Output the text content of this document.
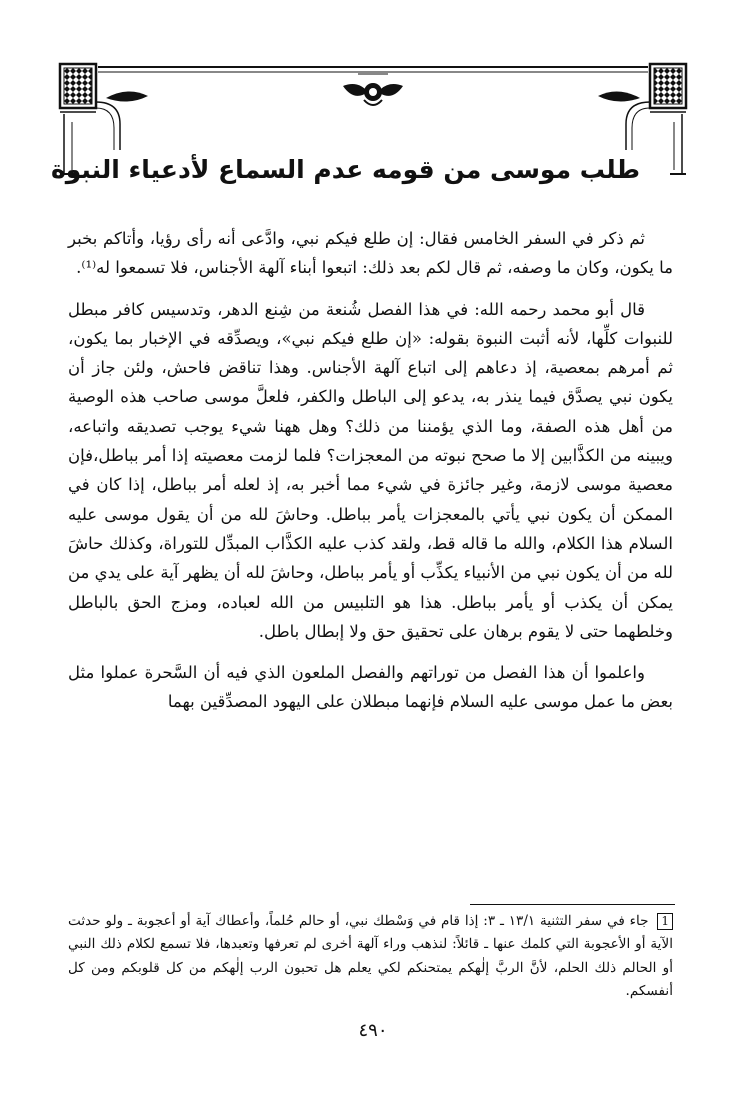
طلب موسى من قومه عدم السماع لأدعياء النبوة

ثم ذكر في السفر الخامس فقال: إن طلع فيكم نبي، وادَّعى أنه رأى رؤيا، وأتاكم بخبر ما يكون، وكان ما وصفه، ثم قال لكم بعد ذلك: اتبعوا أبناء آلهة الأجناس، فلا تسمعوا له⁽¹⁾.

قال أبو محمد رحمه الله: في هذا الفصل شُنعة من شِنع الدهر، وتدسيس كافر مبطل للنبوات كلِّها، لأنه أثبت النبوة بقوله: «إن طلع فيكم نبي»، ويصدِّقه في الإخبار بما يكون، ثم أمرهم بمعصية، إذ دعاهم إلى اتباع آلهة الأجناس. وهذا تناقض فاحش، ولئن جاز أن يكون نبي يصدَّق فيما ينذر به، يدعو إلى الباطل والكفر، فلعلَّ موسى صاحب هذه الوصية من أهل هذه الصفة، وما الذي يؤمننا من ذلك؟ وهل ههنا شيء يوجب تصديقه واتباعه، ويبينه من الكذَّابين إلا ما صحح نبوته من المعجزات؟ فلما لزمت معصيته إذا أمر بباطل،فإن معصية موسى لازمة، وغير جائزة في شيء مما أخبر به، إذ لعله أمر بباطل، إذا كان في الممكن أن يكون نبي يأتي بالمعجزات يأمر بباطل. وحاشَ لله من أن يقول موسى عليه السلام هذا الكلام، والله ما قاله قط، ولقد كذب عليه الكذَّاب المبدِّل للتوراة، وكذلك حاشَ لله من أن يكون نبي من الأنبياء يكذِّب أو يأمر بباطل، وحاشَ لله أن يظهر آية على يدي من يمكن أن يكذب أو يأمر بباطل. هذا هو التلبيس من الله لعباده، ومزج الحق بالباطل وخلطهما حتى لا يقوم برهان على تحقيق حق ولا إبطال باطل.

واعلموا أن هذا الفصل من توراتهم والفصل الملعون الذي فيه أن السَّحرة عملوا مثل بعض ما عمل موسى عليه السلام فإنهما مبطلان على اليهود المصدِّقين بهما

1 جاء في سفر التثنية ١٣/١ ـ ٣: إذا قام في وَسْطك نبي، أو حالم حُلماً، وأعطاك آية أو أعجوبة ـ ولو حدثت الآية أو الأعجوبة التي كلمك عنها ـ قائلاً: لنذهب وراء آلهة أخرى لم تعرفها وتعبدها، فلا تسمع لكلام ذلك النبي أو الحالم ذلك الحلم، لأنَّ الربَّ إلٰهكم يمتحنكم لكي يعلم هل تحبون الرب إلٰهكم من كل قلوبكم ومن كل أنفسكم.
٤٩٠
